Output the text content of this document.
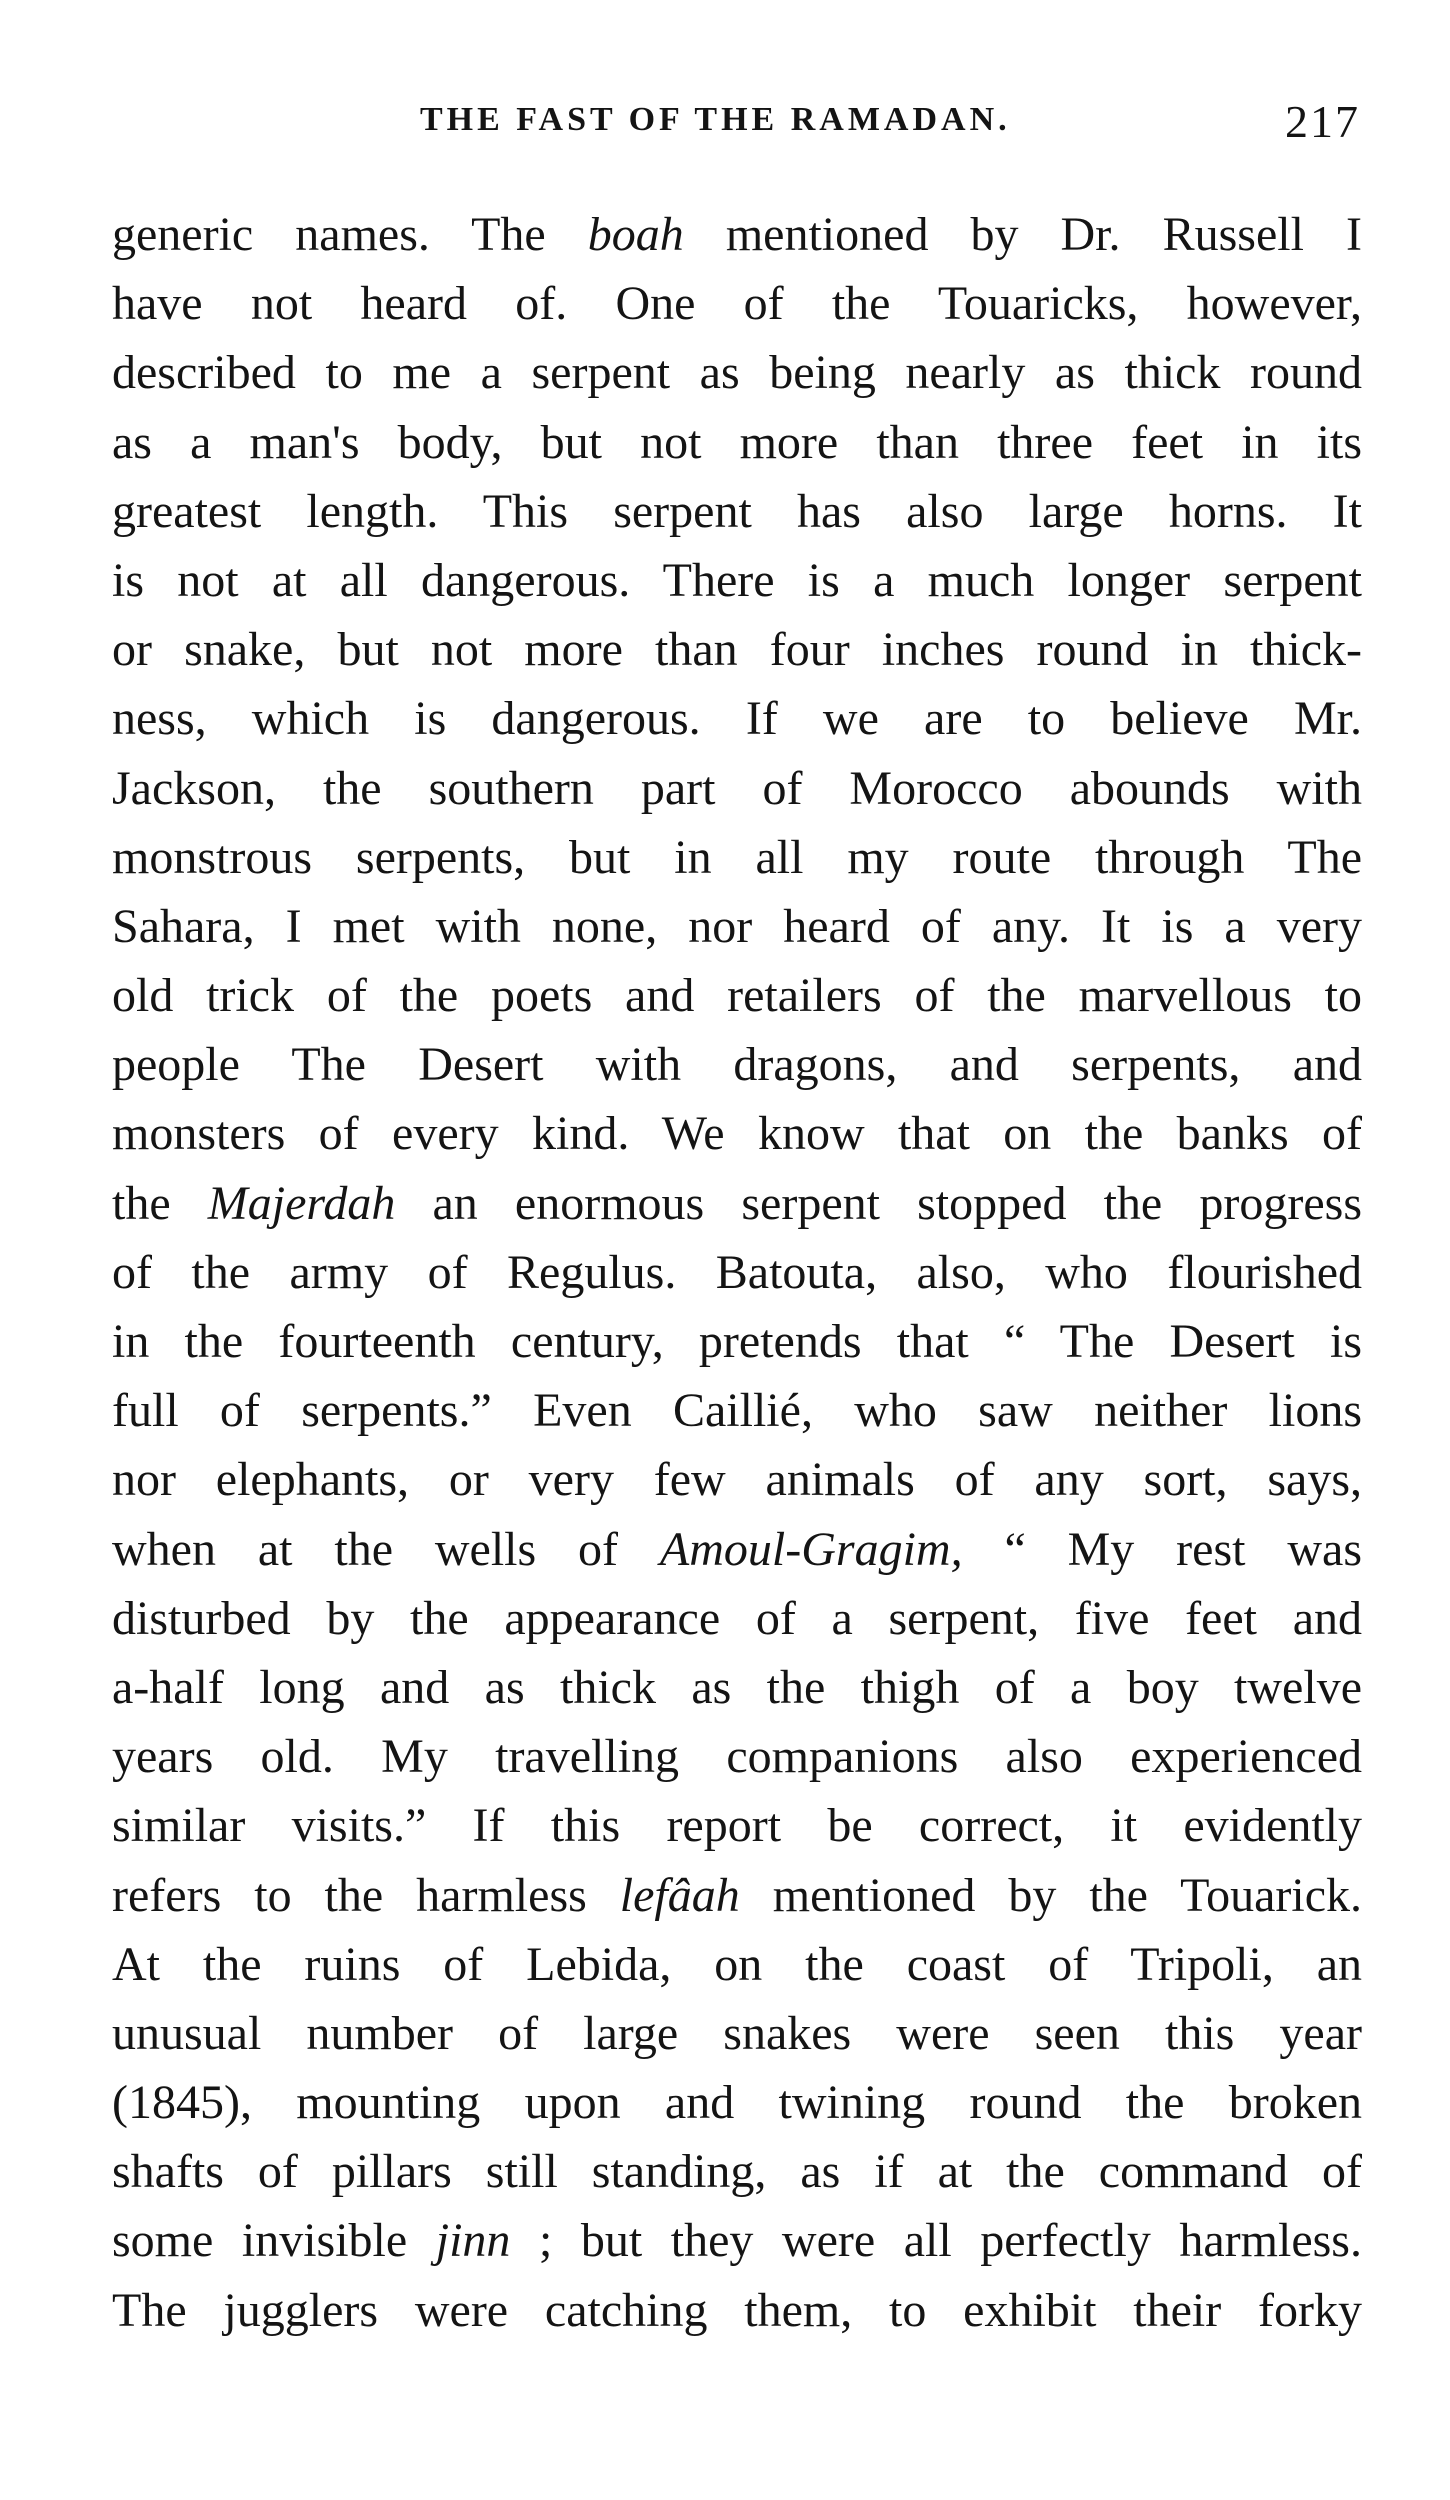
THE FAST OF THE RAMADAN.	217
generic names. The boah mentioned by Dr. Russell I
have not heard of. One of the Touaricks, however,
described to me a serpent as being nearly as thick round
as a man's body, but not more than three feet in its
greatest length. This serpent has also large horns. It
is not at all dangerous. There is a much longer serpent
or snake, but not more than four inches round in thick-
ness, which is dangerous. If we are to believe Mr.
Jackson, the southern part of Morocco abounds with
monstrous serpents, but in all my route through The
Sahara, I met with none, nor heard of any. It is a very
old trick of the poets and retailers of the marvellous to
people The Desert with dragons, and serpents, and
monsters of every kind. We know that on the banks of
the Majerdah an enormous serpent stopped the progress
of the army of Regulus. Batouta, also, who flourished
in the fourteenth century, pretends that “ The Desert is
full of serpents.” Even Caillié, who saw neither lions
nor elephants, or very few animals of any sort, says,
when at the wells of Amoul-Gragim, “ My rest was
disturbed by the appearance of a serpent, five feet and
a-half long and as thick as the thigh of a boy twelve
years old. My travelling companions also experienced
similar visits.” If this report be correct, it evidently
refers to the harmless lefâah mentioned by the Touarick.
At the ruins of Lebida, on the coast of Tripoli, an
unusual number of large snakes were seen this year
(1845), mounting upon and twining round the broken
shafts of pillars still standing, as if at the command of
some invisible jinn ; but they were all perfectly harmless.
The jugglers were catching them, to exhibit their forky
